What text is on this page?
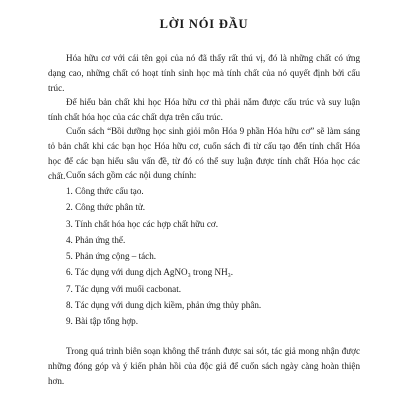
LỜI NÓI ĐẦU

Hóa hữu cơ với cái tên gọi của nó đã thấy rất thú vị, đó là những chất có ứng dạng cao, những chất có hoạt tính sinh học mà tính chất của nó quyết định bởi cấu trúc.

Để hiểu bản chất khi học Hóa hữu cơ thì phải nắm được cấu trúc và suy luận tính chất hóa học của các chất dựa trên cấu trúc.

Cuốn sách “Bồi dưỡng học sinh giỏi môn Hóa 9 phần Hóa hữu cơ” sẽ làm sáng tỏ bản chất khi các bạn học Hóa hữu cơ, cuốn sách đi từ cấu tạo đến tính chất Hóa học để các bạn hiểu sâu vấn đề, từ đó có thể suy luận được tính chất Hóa học các chất. Cuốn sách gồm các nội dung chính:

1. Công thức cấu tạo.
2. Công thức phân tử.
3. Tính chất hóa học các hợp chất hữu cơ.
4. Phản ứng thế.
5. Phản ứng cộng – tách.
6. Tác dụng với dung dịch AgNO₃ trong NH₃.
7. Tác dụng với muối cacbonat.
8. Tác dụng với dung dịch kiềm, phản ứng thủy phân.
9. Bài tập tổng hợp.

Trong quá trình biên soạn không thể tránh được sai sót, tác giả mong nhận được những đóng góp và ý kiến phản hồi của độc giả để cuốn sách ngày càng hoàn thiện hơn.
